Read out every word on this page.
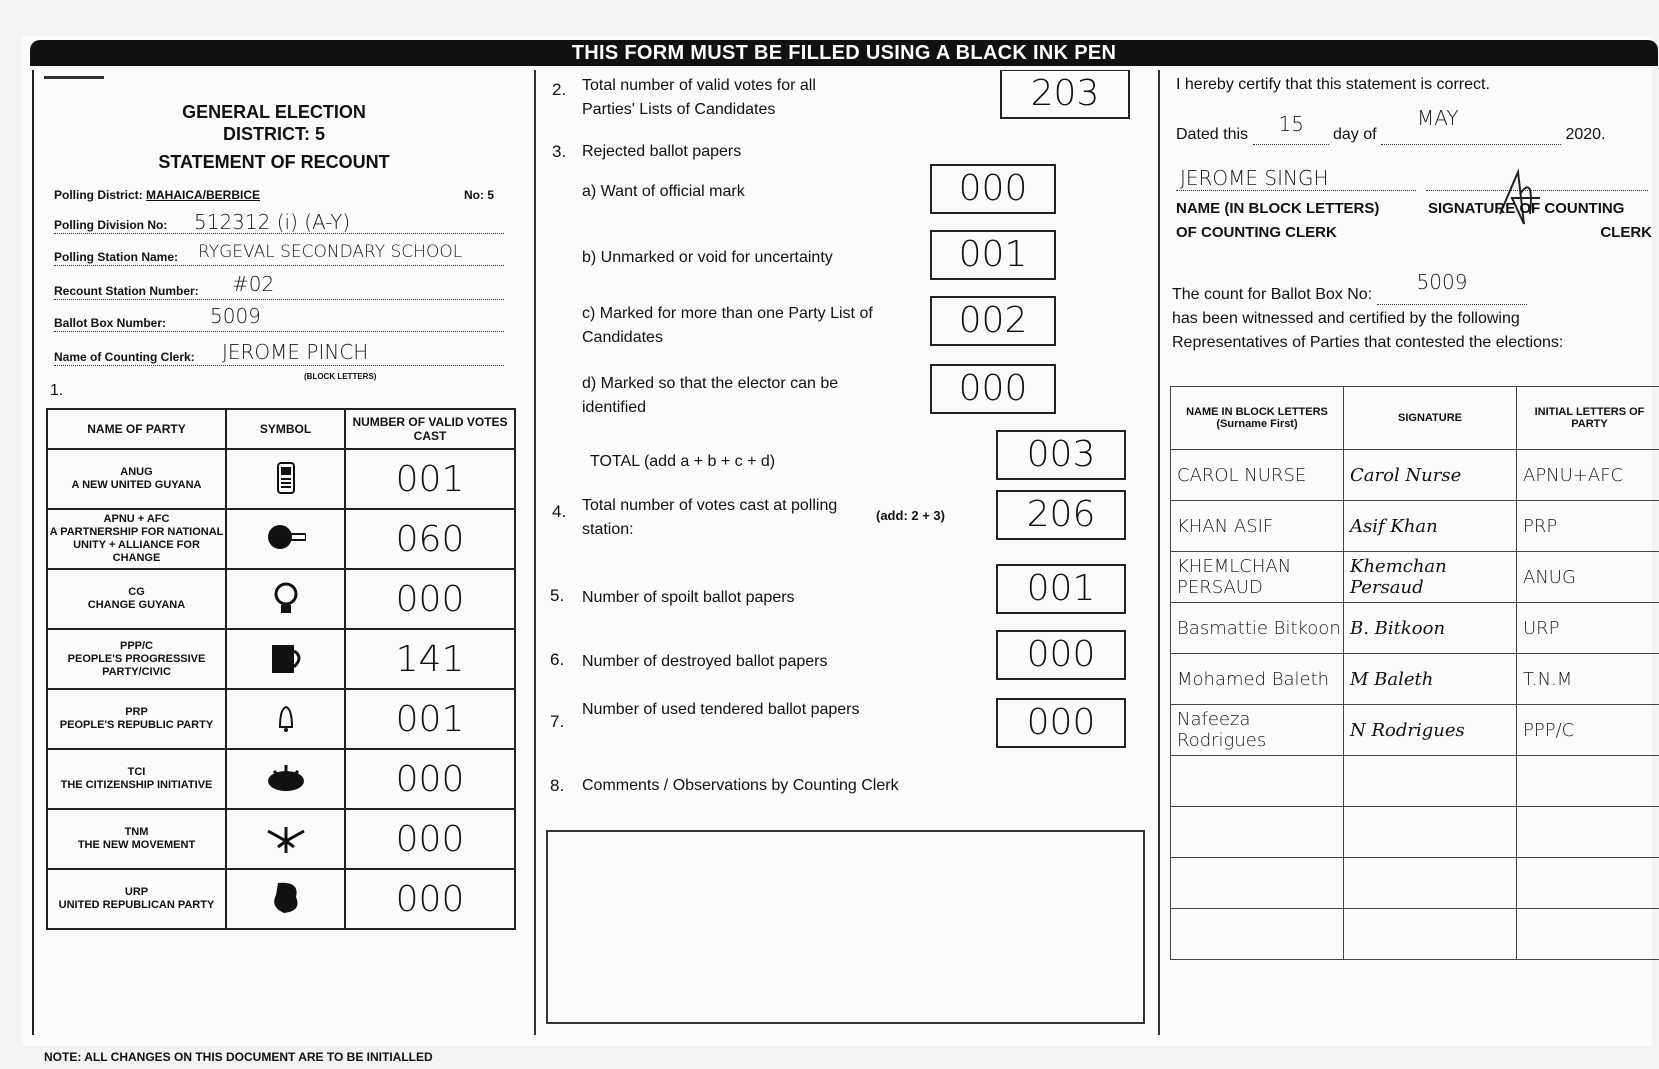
THIS FORM MUST BE FILLED USING A BLACK INK PEN
GENERAL ELECTION
DISTRICT: 5
STATEMENT OF RECOUNT
Polling District: MAHAICA/BERBICE	No: 5
Polling Division No: 512312 (i) (A-Y)
Polling Station Name: RYGEVAL SECONDARY SCHOOL
Recount Station Number: #02
Ballot Box Number: 5009
Name of Counting Clerk: JEROME PINCH
(BLOCK LETTERS)
1.
NAME OF PARTY	SYMBOL	NUMBER OF VALID VOTES CAST

ANUG
A NEW UNITED GUYANA		001

APNU + AFC
A PARTNERSHIP FOR NATIONAL UNITY + ALLIANCE FOR CHANGE		060

CG
CHANGE GUYANA		000

PPP/C
PEOPLE'S PROGRESSIVE PARTY/CIVIC		141

PRP
PEOPLE'S REPUBLIC PARTY		001

TCI
THE CITIZENSHIP INITIATIVE		000

TNM
THE NEW MOVEMENT		000

URP
UNITED REPUBLICAN PARTY		000
NOTE: ALL CHANGES ON THIS DOCUMENT ARE TO BE INITIALLED
2. Total number of valid votes for all Parties' Lists of Candidates	203
3. Rejected ballot papers
a) Want of official mark	000
b) Unmarked or void for uncertainty	001
c) Marked for more than one Party List of Candidates	002
d) Marked so that the elector can be identified	000
TOTAL (add a + b + c + d)	003
4. Total number of votes cast at polling station:
(add: 2 + 3)	206
5. Number of spoilt ballot papers	001
6. Number of destroyed ballot papers	000
7.
Number of used tendered ballot papers	000
8. Comments / Observations by Counting Clerk
I hereby certify that this statement is correct.
Dated this 15 day of
MAY
2020.
JEROME SINGH
NAME (IN BLOCK LETTERS)
OF COUNTING CLERK
SIGNATURE OF COUNTING
CLERK
The count for Ballot Box No:
5009

has been witnessed and certified by the following
Representatives of Parties that contested the elections:
NAME IN BLOCK LETTERS (Surname First)	SIGNATURE	INITIAL LETTERS OF PARTY
CAROL NURSE	Carol Nurse	APNU+AFC
KHAN ASIF	Asif Khan	PRP
KHEMLCHAN PERSAUD	Khemchan Persaud	ANUG
Basmattie Bitkoon	B. Bitkoon	URP
Mohamed Baleth	M Baleth	T.N.M
Nafeeza Rodrigues	N Rodrigues	PPP/C
